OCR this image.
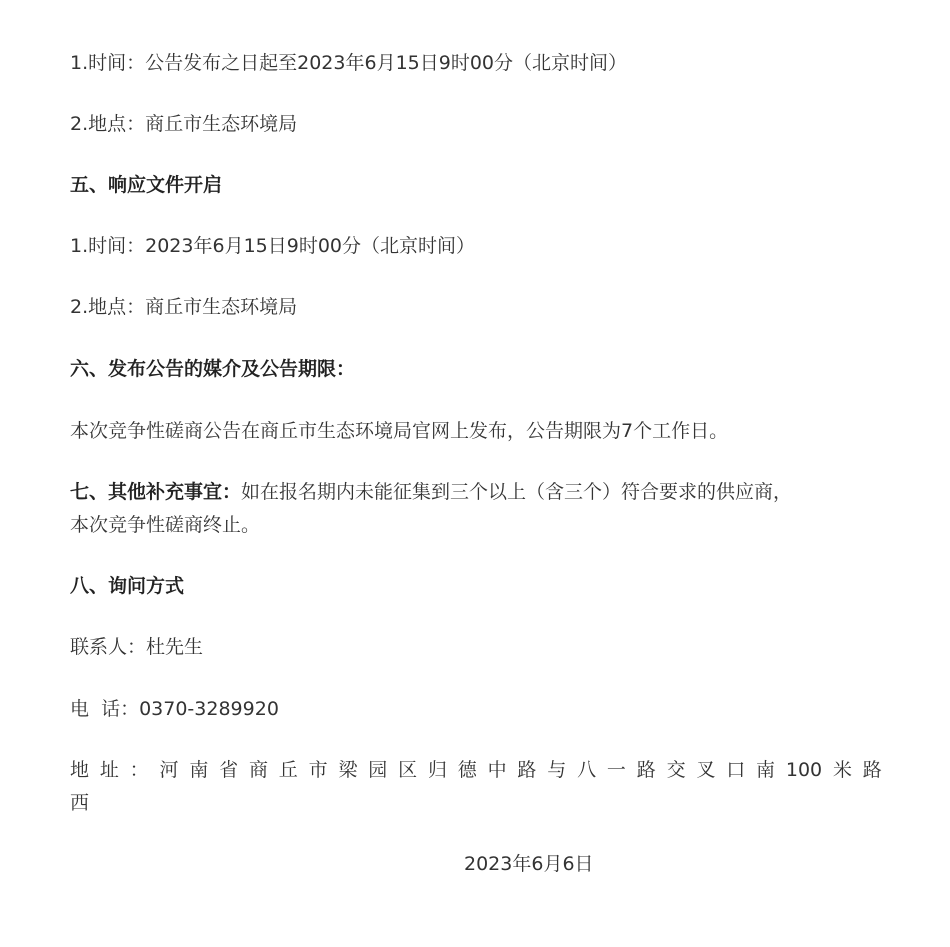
1.时间：公告发布之日起至2023年6月15日9时00分（北京时间）
2.地点：商丘市生态环境局
五、响应文件开启
1.时间：2023年6月15日9时00分（北京时间）
2.地点：商丘市生态环境局
六、发布公告的媒介及公告期限：
本次竞争性磋商公告在商丘市生态环境局官网上发布，公告期限为7个工作日。
七、其他补充事宜：如在报名期内未能征集到三个以上（含三个）符合要求的供应商，
本次竞争性磋商终止。
八、询问方式
联系人：杜先生
电  话：0370-3289920
地 址 ： 河 南 省 商 丘 市 梁 园 区 归 德 中 路 与 八 一 路 交 叉 口 南 100 米 路
西
2023年6月6日
